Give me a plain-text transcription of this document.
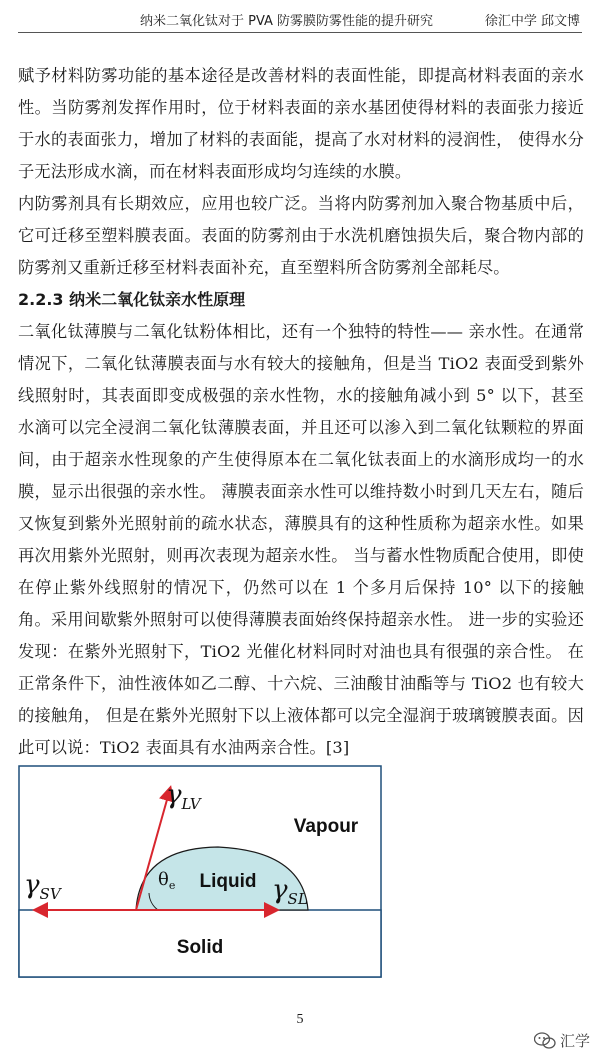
纳米二氧化钛对于 PVA 防雾膜防雾性能的提升研究	徐汇中学 邱文博

赋予材料防雾功能的基本途径是改善材料的表面性能，即提高材料表面的亲水性。当防雾剂发挥作用时，位于材料表面的亲水基团使得材料的表面张力接近于水的表面张力，增加了材料的表面能，提高了水对材料的浸润性， 使得水分子无法形成水滴，而在材料表面形成均匀连续的水膜。

内防雾剂具有长期效应，应用也较广泛。当将内防雾剂加入聚合物基质中后，它可迁移至塑料膜表面。表面的防雾剂由于水洗机磨蚀损失后，聚合物内部的防雾剂又重新迁移至材料表面补充，直至塑料所含防雾剂全部耗尽。

2.2.3 纳米二氧化钛亲水性原理

二氧化钛薄膜与二氧化钛粉体相比，还有一个独特的特性—— 亲水性。在通常情况下，二氧化钛薄膜表面与水有较大的接触角，但是当 TiO2 表面受到紫外线照射时，其表面即变成极强的亲水性物，水的接触角减小到 5° 以下，甚至水滴可以完全浸润二氧化钛薄膜表面，并且还可以渗入到二氧化钛颗粒的界面间，由于超亲水性现象的产生使得原本在二氧化钛表面上的水滴形成均一的水膜，显示出很强的亲水性。 薄膜表面亲水性可以维持数小时到几天左右，随后又恢复到紫外光照射前的疏水状态，薄膜具有的这种性质称为超亲水性。如果再次用紫外光照射，则再次表现为超亲水性。 当与蓄水性物质配合使用，即使在停止紫外线照射的情况下，仍然可以在 1 个多月后保持 10° 以下的接触角。采用间歇紫外照射可以使得薄膜表面始终保持超亲水性。 进一步的实验还发现：在紫外光照射下，TiO2 光催化材料同时对油也具有很强的亲合性。 在正常条件下，油性液体如乙二醇、十六烷、三油酸甘油酯等与 TiO2 也有较大的接触角， 但是在紫外光照射下以上液体都可以完全湿润于玻璃镀膜表面。因此可以说：TiO2 表面具有水油两亲合性。[3]

$\gamma_{LV}$
$\gamma_{SV}$	$\gamma_{SL}$
$\theta_e$ Liquid
Vapour
Solid
5
汇学
